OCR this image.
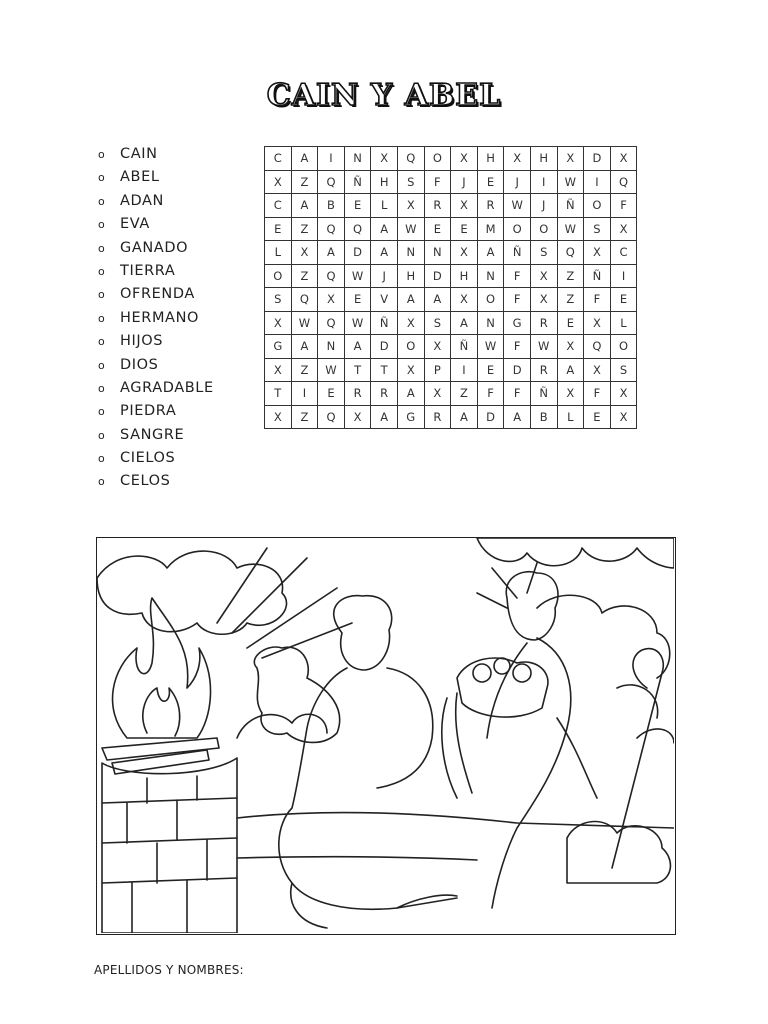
CAIN Y ABEL
o CAIN
o ABEL
o ADAN
o EVA
o GANADO
o TIERRA
o OFRENDA
o HERMANO
o HIJOS
o DIOS
o AGRADABLE
o PIEDRA
o SANGRE
o CIELOS
o CELOS
C	A	I	N	X	Q	O	X	H	X	H	X	D	X
X	Z	Q	Ñ	H	S	F	J	E	J	I	W	I	Q
C	A	B	E	L	X	R	X	R	W	J	Ñ	O	F
E	Z	Q	Q	A	W	E	E	M	O	O	W	S	X
L	X	A	D	A	N	N	X	A	Ñ	S	Q	X	C
O	Z	Q	W	J	H	D	H	N	F	X	Z	Ñ	I
S	Q	X	E	V	A	A	X	O	F	X	Z	F	E
X	W	Q	W	Ñ	X	S	A	N	G	R	E	X	L
G	A	N	A	D	O	X	Ñ	W	F	W	X	Q	O
X	Z	W	T	T	X	P	I	E	D	R	A	X	S
T	I	E	R	R	A	X	Z	F	F	Ñ	X	F	X
X	Z	Q	X	A	G	R	A	D	A	B	L	E	X
APELLIDOS Y NOMBRES:
